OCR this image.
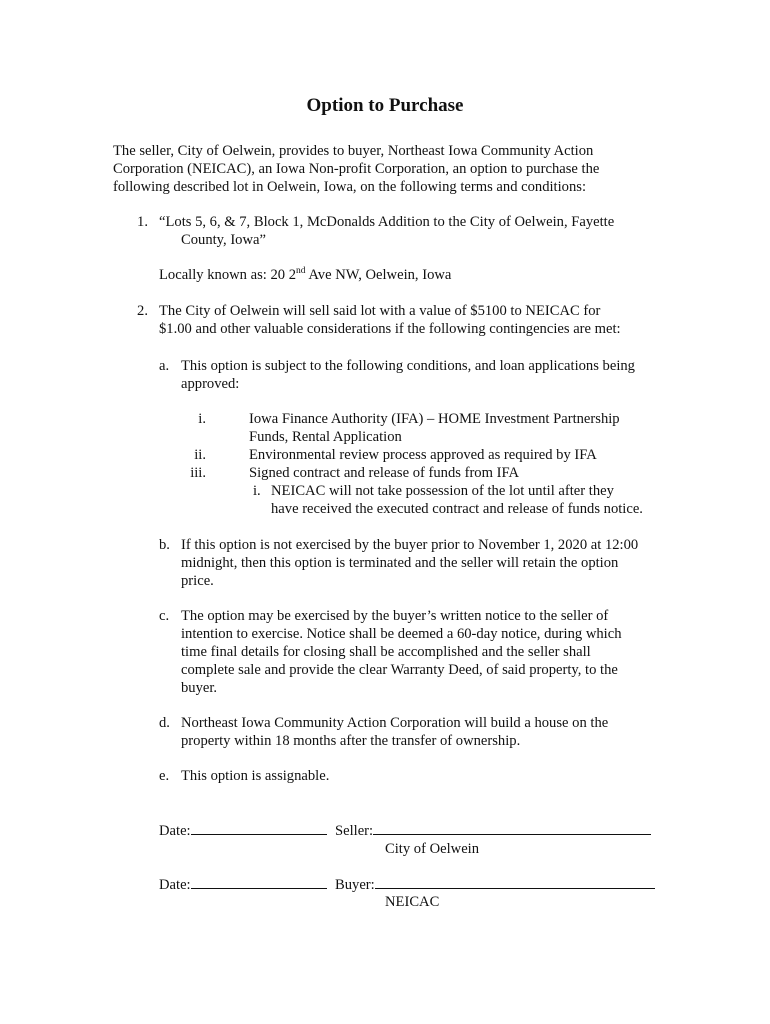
Option to Purchase
The seller, City of Oelwein, provides to buyer, Northeast Iowa Community Action
Corporation (NEICAC), an Iowa Non-profit Corporation, an option to purchase the
following described lot in Oelwein, Iowa, on the following terms and conditions:
1. “Lots 5, 6, & 7, Block 1, McDonalds Addition to the City of Oelwein, Fayette
County, Iowa”
Locally known as: 20 2nd Ave NW, Oelwein, Iowa
2. The City of Oelwein will sell said lot with a value of $5100 to NEICAC for
$1.00 and other valuable considerations if the following contingencies are met:
a. This option is subject to the following conditions, and loan applications being
approved:
i.	Iowa Finance Authority (IFA) – HOME Investment Partnership
Funds, Rental Application
ii.	Environmental review process approved as required by IFA
iii.	Signed contract and release of funds from IFA
i. NEICAC will not take possession of the lot until after they
have received the executed contract and release of funds notice.
b. If this option is not exercised by the buyer prior to November 1, 2020 at 12:00
midnight, then this option is terminated and the seller will retain the option
price.
c. The option may be exercised by the buyer’s written notice to the seller of
intention to exercise. Notice shall be deemed a 60-day notice, during which
time final details for closing shall be accomplished and the seller shall
complete sale and provide the clear Warranty Deed, of said property, to the
buyer.
d. Northeast Iowa Community Action Corporation will build a house on the
property within 18 months after the transfer of ownership.
e. This option is assignable.
Date:	Seller:
City of Oelwein
Date:	Buyer:
NEICAC
